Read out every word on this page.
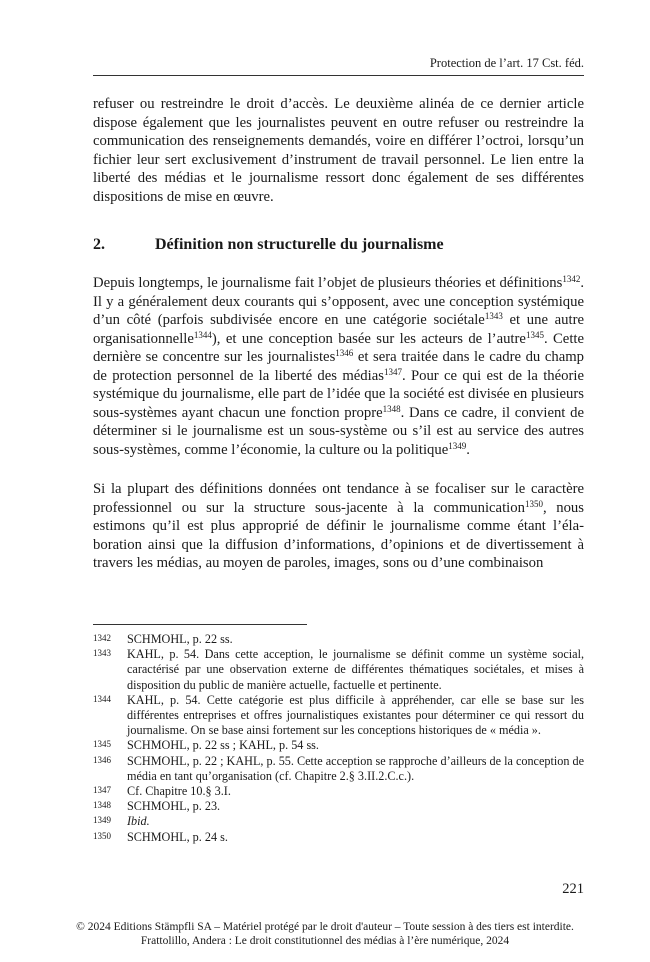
Protection de l’art. 17 Cst. féd.

refuser ou restreindre le droit d’accès. Le deuxième alinéa de ce dernier article dispose également que les journalistes peuvent en outre refuser ou restreindre la communication des renseignements demandés, voire en différer l’octroi, lorsqu’un fichier leur sert exclusivement d’instrument de travail personnel. Le lien entre la liberté des médias et le journalisme ressort donc également de ses différentes dispositions de mise en œuvre.

2.	Définition non structurelle du journalisme

Depuis longtemps, le journalisme fait l’objet de plusieurs théories et définitions$^{1342}$. Il y a généralement deux courants qui s’opposent, avec une conception systémique d’un côté (parfois subdivisée encore en une catégorie sociétale$^{1343}$ et une autre organisationnelle$^{1344}$), et une conception basée sur les acteurs de l’autre$^{1345}$. Cette dernière se concentre sur les journalistes$^{1346}$ et sera traitée dans le cadre du champ de protection personnel de la liberté des médias$^{1347}$. Pour ce qui est de la théorie systémique du journalisme, elle part de l’idée que la société est divisée en plusieurs sous-systèmes ayant chacun une fonction propre$^{1348}$. Dans ce cadre, il convient de déterminer si le journalisme est un sous-système ou s’il est au service des autres sous-systèmes, comme l’économie, la culture ou la politique$^{1349}$.

Si la plupart des définitions données ont tendance à se focaliser sur le caractère professionnel ou sur la structure sous-jacente à la communication$^{1350}$, nous estimons qu’il est plus approprié de définir le journalisme comme étant l’élaboration ainsi que la diffusion d’informations, d’opinions et de divertissement à travers les médias, au moyen de paroles, images, sons ou d’une combinaison

1342	SCHMOHL, p. 22 ss.
1343	KAHL, p. 54. Dans cette acception, le journalisme se définit comme un système social, caractérisé par une observation externe de différentes thématiques sociétales, et mises à disposition du public de manière actuelle, factuelle et pertinente.
1344	KAHL, p. 54. Cette catégorie est plus difficile à appréhender, car elle se base sur les différentes entreprises et offres journalistiques existantes pour déterminer ce qui ressort du journalisme. On se base ainsi fortement sur les conceptions historiques de « média ».
1345	SCHMOHL, p. 22 ss ; KAHL, p. 54 ss.
1346	SCHMOHL, p. 22 ; KAHL, p. 55. Cette acception se rapproche d’ailleurs de la conception de média en tant qu’organisation (cf. Chapitre 2.§ 3.II.2.C.c.).
1347	Cf. Chapitre 10.§ 3.I.
1348	SCHMOHL, p. 23.
1349	Ibid.
1350	SCHMOHL, p. 24 s.
221
© 2024 Editions Stämpfli SA – Matériel protégé par le droit d'auteur – Toute session à des tiers est interdite.
Frattolillo, Andera : Le droit constitutionnel des médias à l’ère numérique, 2024
